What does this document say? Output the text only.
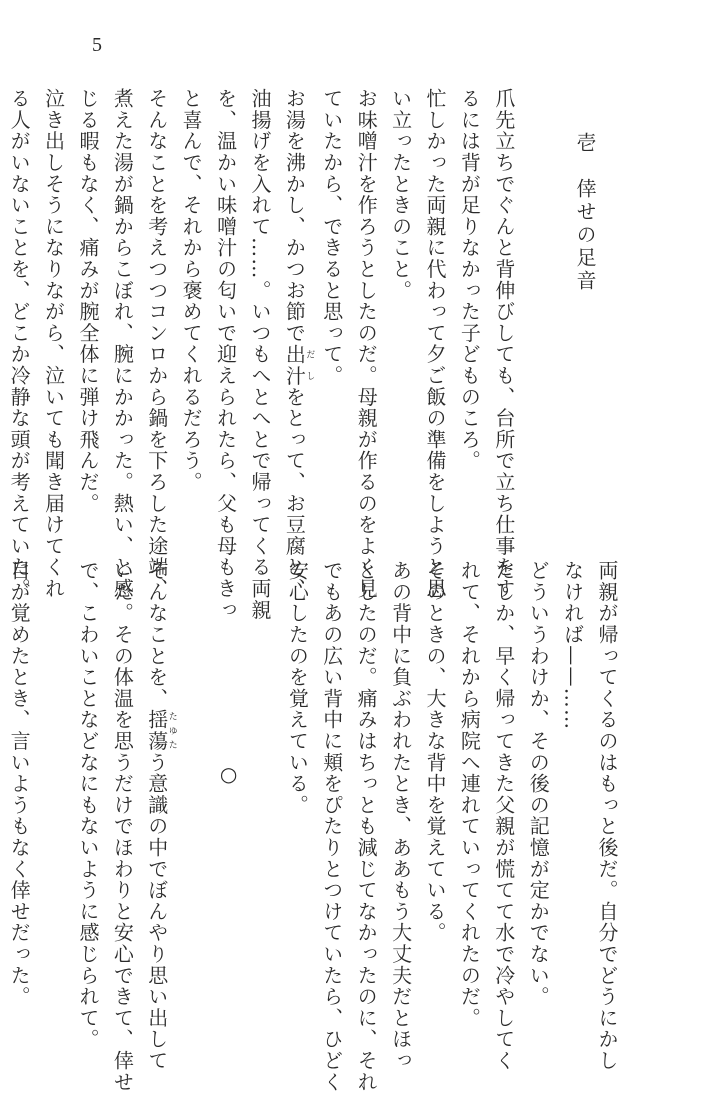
5
壱　倖せの足音
爪先立ちでぐんと背伸びしても、台所で立ち仕事をす
るには背が足りなかった子どものころ。
忙しかった両親に代わって夕ご飯の準備をしようと思
い立ったときのこと。
お味噌汁を作ろうとしたのだ。母親が作るのをよく見
ていたから、できると思って。
お湯を沸かし、かつお節で出汁だしをとって、お豆腐と、
油揚げを入れて……。いつもへとへとで帰ってくる両親
を、温かい味噌汁の匂いで迎えられたら、父も母もきっ
と喜んで、それから褒めてくれるだろう。
そんなことを考えつつコンロから鍋を下ろした途端、
煮えた湯が鍋からこぼれ、腕にかかった。熱い、と感
じる暇もなく、痛みが腕全体に弾け飛んだ。
泣き出しそうになりながら、泣いても聞き届けてくれ
る人がいないことを、どこか冷静な頭が考えていた。
両親が帰ってくるのはもっと後だ。自分でどうにかし
なければ——……
どういうわけか、その後の記憶が定かでない。
たしか、早く帰ってきた父親が慌てて水で冷やしてく
れて、それから病院へ連れていってくれたのだ。
そのときの、大きな背中を覚えている。
あの背中に負ぶわれたとき、ああもう大丈夫だとほっ
としたのだ。痛みはちっとも減じてなかったのに、それ
でもあの広い背中に頬をぴたりとつけていたら、ひどく
安心したのを覚えている。
○
そんなことを、揺蕩たゆたう意識の中でぼんやり思い出して
いた。その体温を思うだけでほわりと安心できて、倖せ
で、こわいことなどなにもないように感じられて。
目が覚めたとき、言いようもなく倖せだった。
